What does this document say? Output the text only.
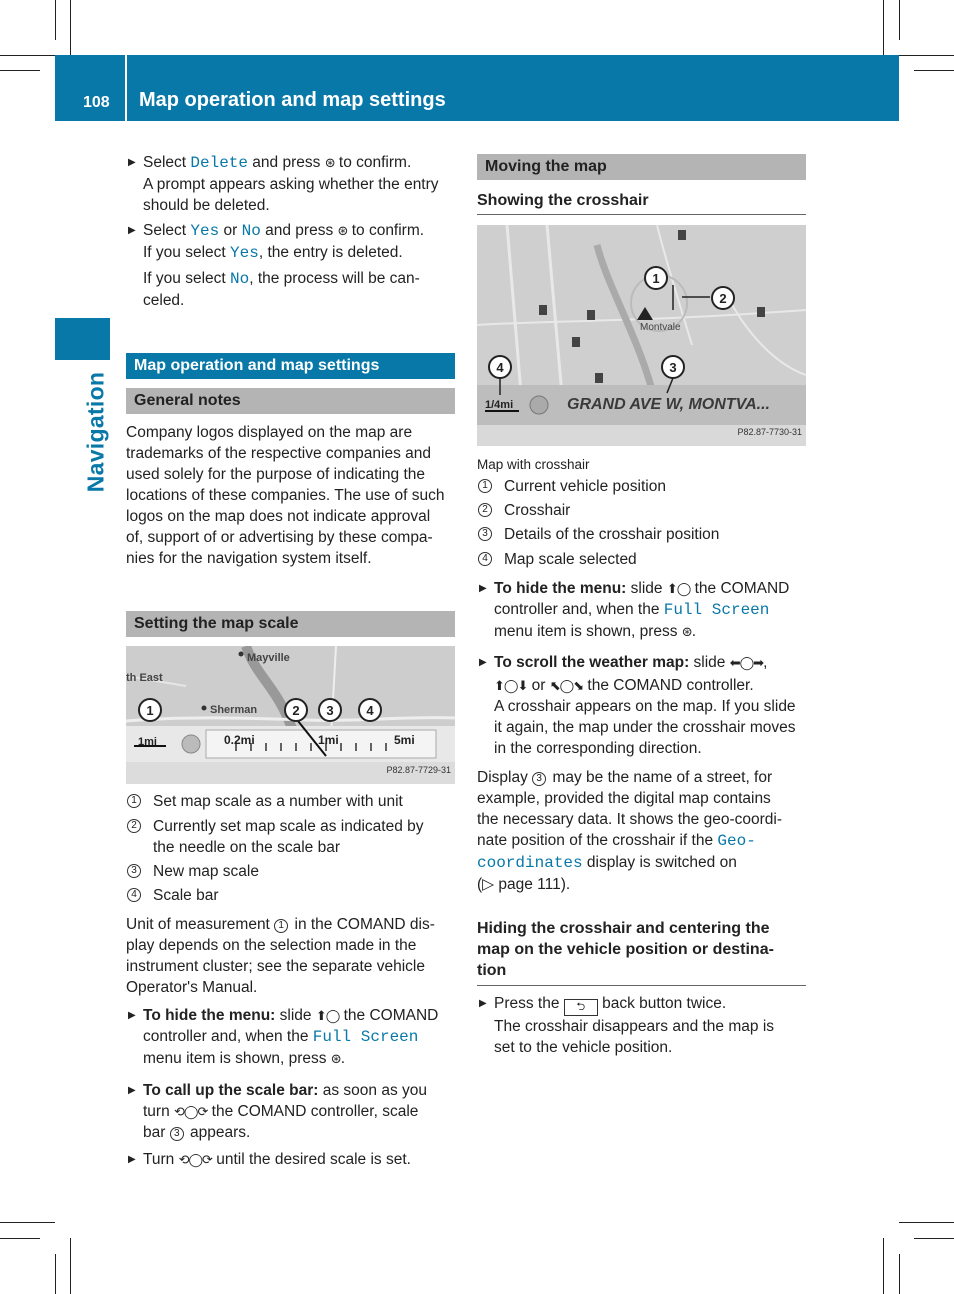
108 Map operation and map settings
Navigation
▶ Select Delete and press ⊛ to confirm.
A prompt appears asking whether the entry
should be deleted.
▶ Select Yes or No and press ⊛ to confirm.
If you select Yes, the entry is deleted.
If you select No, the process will be can-
celed.
Map operation and map settings
General notes
Company logos displayed on the map are
trademarks of the respective companies and
used solely for the purpose of indicating the
locations of these companies. The use of such
logos on the map does not indicate approval
of, support of or advertising by these compa-
nies for the navigation system itself.
Setting the map scale
1	2 3	4
Mayville
th East
Sherman
1mi	0.2mi	1mi	5mi
P82.87-7729-31
1 Set map scale as a number with unit
2 Currently set map scale as indicated by
the needle on the scale bar
3 New map scale
4 Scale bar
Unit of measurement 1 in the COMAND dis-
play depends on the selection made in the
instrument cluster; see the separate vehicle
Operator's Manual.
▶ To hide the menu: slide ⬆◯ the COMAND
controller and, when the Full Screen
menu item is shown, press ⊛.
▶ To call up the scale bar: as soon as you
turn ⟲◯⟳ the COMAND controller, scale
bar 3 appears.
▶ Turn ⟲◯⟳ until the desired scale is set.
Moving the map
Showing the crosshair
1
2
3
4
Montvale
1/4mi	GRAND AVE W, MONTVA...
P82.87-7730-31
Map with crosshair
1 Current vehicle position
2 Crosshair
3 Details of the crosshair position
4 Map scale selected
▶ To hide the menu: slide ⬆◯ the COMAND
controller and, when the Full Screen
menu item is shown, press ⊛.
▶ To scroll the weather map: slide ⬅◯➡,
⬆◯⬇ or ⬉◯⬊ the COMAND controller.
A crosshair appears on the map. If you slide
it again, the map under the crosshair moves
in the corresponding direction.
Display 3 may be the name of a street, for
example, provided the digital map contains
the necessary data. It shows the geo-coordi-
nate position of the crosshair if the Geo-
coordinates display is switched on
(▷ page 111).
Hiding the crosshair and centering the
map on the vehicle position or destina-
tion
▶ Press the ⮌ back button twice.
The crosshair disappears and the map is
set to the vehicle position.
